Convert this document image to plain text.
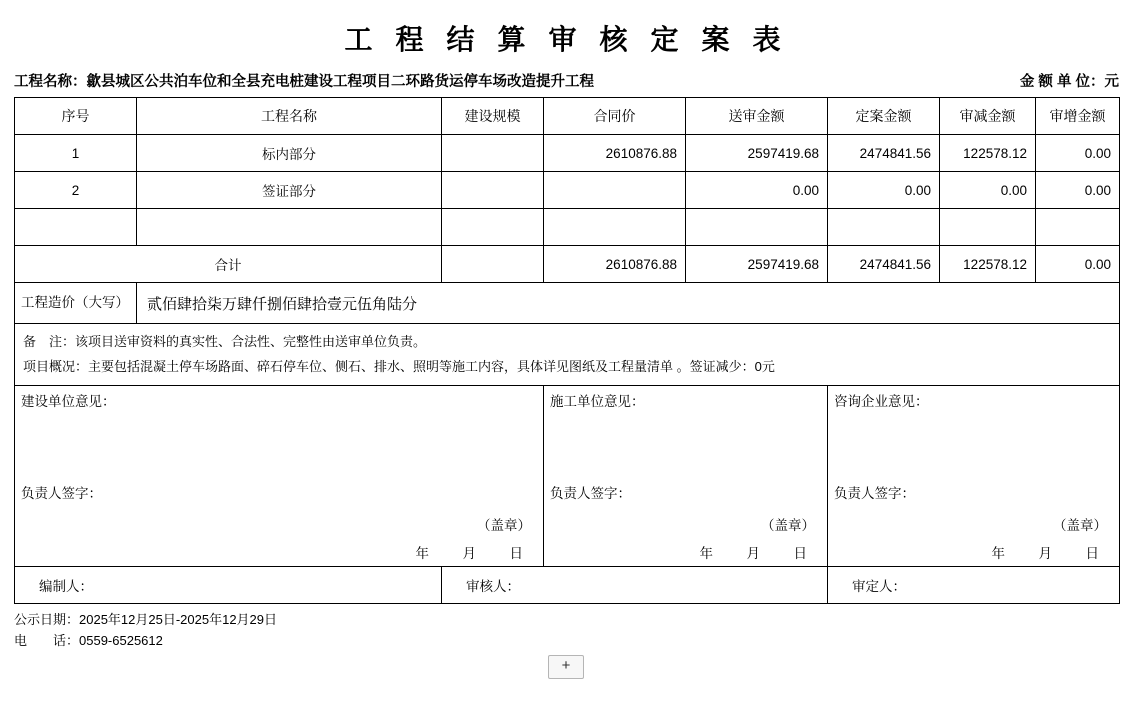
工 程 结 算 审 核 定 案 表
工程名称： 歙县城区公共泊车位和全县充电桩建设工程项目二环路货运停车场改造提升工程	金 额 单 位：元
序号	工程名称	建设规模	合同价	送审金额	定案金额	审减金额	审增金额
1	标内部分		2610876.88	2597419.68	2474841.56	122578.12	0.00
2	签证部分			0.00	0.00	0.00	0.00

合计			2610876.88	2597419.68	2474841.56	122578.12	0.00
工程造价（大写）	贰佰肆拾柒万肆仟捌佰肆拾壹元伍角陆分						

备　注：该项目送审资料的真实性、合法性、完整性由送审单位负责。
项目概况：主要包括混凝土停车场路面、碎石停车位、侧石、排水、照明等施工内容，具体详见图纸及工程量清单 。签证减少：0元							

建设单位意见：
负责人签字：
（盖章）
年　月　日

施工单位意见：
负责人签字：
（盖章）
年　月　日

咨询企业意见：
负责人签字：
（盖章）
年　月　日

编制人：		审核人：			审定人：		
公示日期：2025年12月25日-2025年12月29日
电　　话：0559-6525612
+
